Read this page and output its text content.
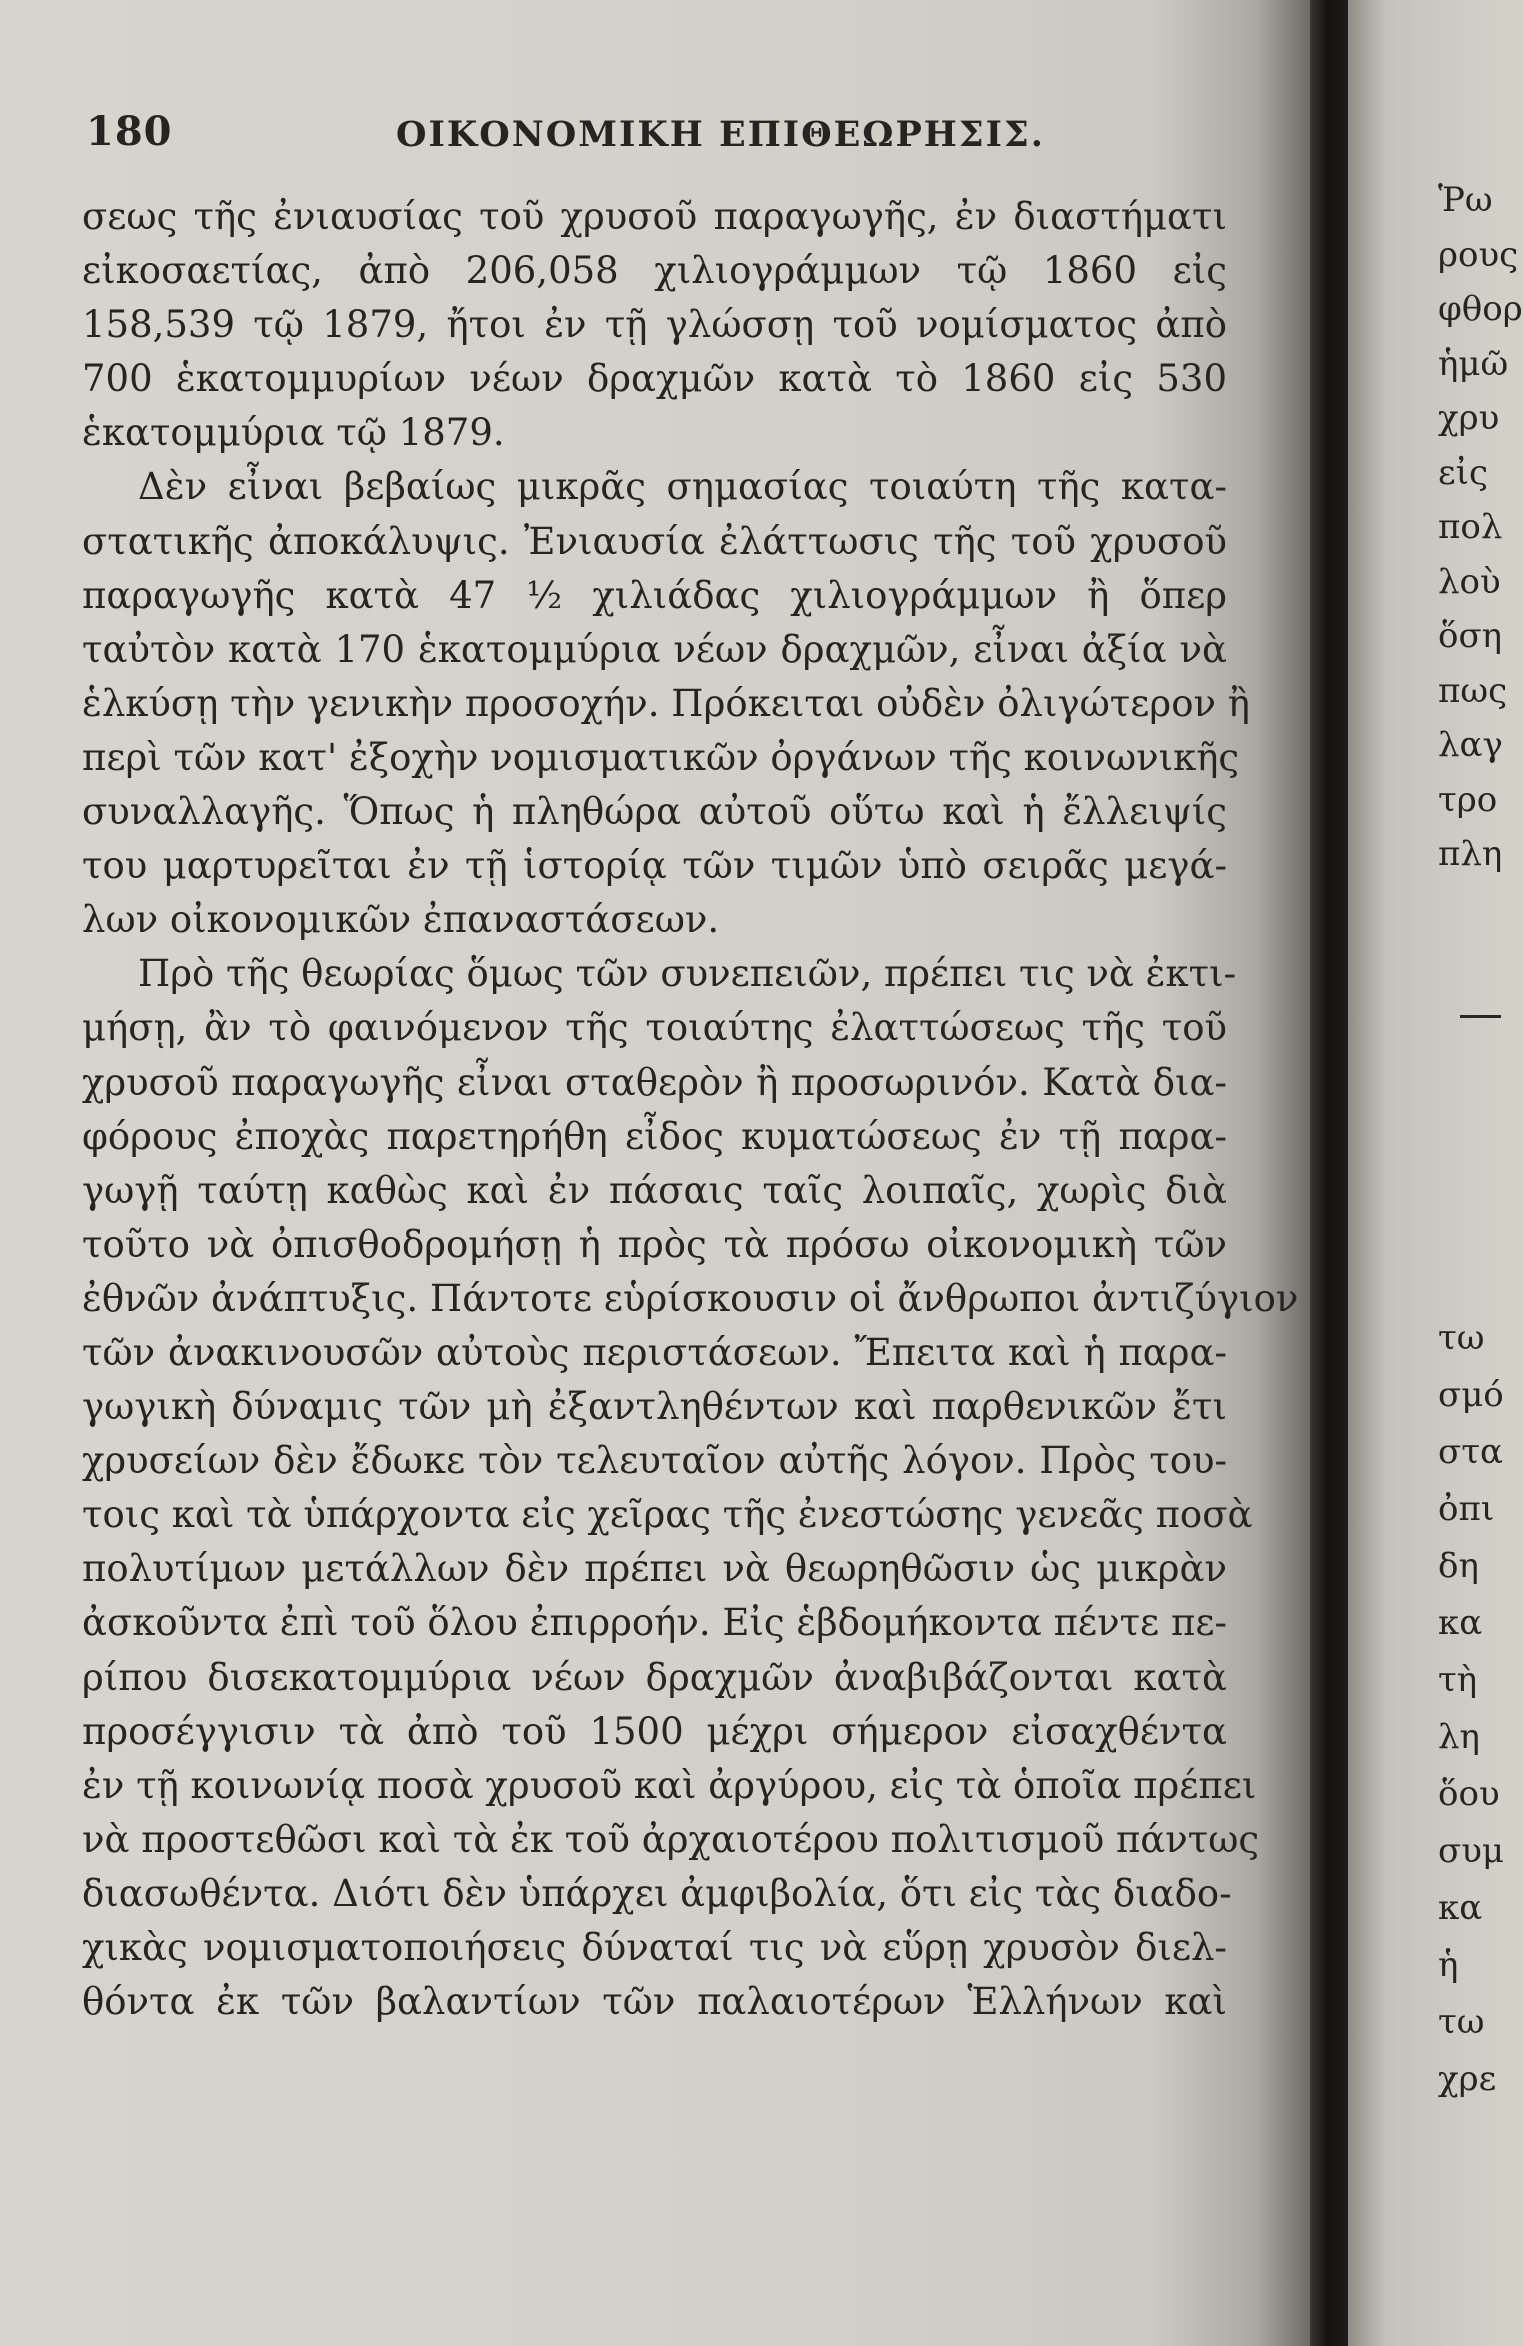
180	ΟΙΚΟΝΟΜΙΚΗ ΕΠΙΘΕΩΡΗΣΙΣ.
σεως τῆς ἐνιαυσίας τοῦ χρυσοῦ παραγωγῆς, ἐν διαστήματι
εἰκοσαετίας, ἀπὸ 206,058 χιλιογράμμων τῷ 1860 εἰς
158,539 τῷ 1879, ἤτοι ἐν τῇ γλώσσῃ τοῦ νομίσματος ἀπὸ
700 ἑκατομμυρίων νέων δραχμῶν κατὰ τὸ 1860 εἰς 530
ἑκατομμύρια τῷ 1879.
Δὲν εἶναι βεβαίως μικρᾶς σημασίας τοιαύτη τῆς κατα-
στατικῆς ἀποκάλυψις. Ἐνιαυσία ἐλάττωσις τῆς τοῦ χρυσοῦ
παραγωγῆς κατὰ 47 ½ χιλιάδας χιλιογράμμων ἢ ὅπερ
ταὐτὸν κατὰ 170 ἑκατομμύρια νέων δραχμῶν, εἶναι ἀξία νὰ
ἑλκύσῃ τὴν γενικὴν προσοχήν. Πρόκειται οὐδὲν ὀλιγώτερον ἢ
περὶ τῶν κατ' ἐξοχὴν νομισματικῶν ὀργάνων τῆς κοινωνικῆς
συναλλαγῆς. Ὅπως ἡ πληθώρα αὐτοῦ οὕτω καὶ ἡ ἔλλειψίς
του μαρτυρεῖται ἐν τῇ ἱστορίᾳ τῶν τιμῶν ὑπὸ σειρᾶς μεγά-
λων οἰκονομικῶν ἐπαναστάσεων.
Πρὸ τῆς θεωρίας ὅμως τῶν συνεπειῶν, πρέπει τις νὰ ἐκτι-
μήσῃ, ἂν τὸ φαινόμενον τῆς τοιαύτης ἐλαττώσεως τῆς τοῦ
χρυσοῦ παραγωγῆς εἶναι σταθερὸν ἢ προσωρινόν. Κατὰ δια-
φόρους ἐποχὰς παρετηρήθη εἶδος κυματώσεως ἐν τῇ παρα-
γωγῇ ταύτῃ καθὼς καὶ ἐν πάσαις ταῖς λοιπαῖς, χωρὶς διὰ
τοῦτο νὰ ὀπισθοδρομήσῃ ἡ πρὸς τὰ πρόσω οἰκονομικὴ τῶν
ἐθνῶν ἀνάπτυξις. Πάντοτε εὑρίσκουσιν οἱ ἄνθρωποι ἀντιζύγιον
τῶν ἀνακινουσῶν αὐτοὺς περιστάσεων. Ἔπειτα καὶ ἡ παρα-
γωγικὴ δύναμις τῶν μὴ ἐξαντληθέντων καὶ παρθενικῶν ἔτι
χρυσείων δὲν ἔδωκε τὸν τελευταῖον αὐτῆς λόγον. Πρὸς του-
τοις καὶ τὰ ὑπάρχοντα εἰς χεῖρας τῆς ἐνεστώσης γενεᾶς ποσὰ
πολυτίμων μετάλλων δὲν πρέπει νὰ θεωρηθῶσιν ὡς μικρὰν
ἀσκοῦντα ἐπὶ τοῦ ὅλου ἐπιρροήν. Εἰς ἑβδομήκοντα πέντε πε-
ρίπου δισεκατομμύρια νέων δραχμῶν ἀναβιβάζονται κατὰ
προσέγγισιν τὰ ἀπὸ τοῦ 1500 μέχρι σήμερον εἰσαχθέντα
ἐν τῇ κοινωνίᾳ ποσὰ χρυσοῦ καὶ ἀργύρου, εἰς τὰ ὁποῖα πρέπει
νὰ προστεθῶσι καὶ τὰ ἐκ τοῦ ἀρχαιοτέρου πολιτισμοῦ πάντως
διασωθέντα. Διότι δὲν ὑπάρχει ἀμφιβολία, ὅτι εἰς τὰς διαδο-
χικὰς νομισματοποιήσεις δύναταί τις νὰ εὕρῃ χρυσὸν διελ-
θόντα ἐκ τῶν βαλαντίων τῶν παλαιοτέρων Ἑλλήνων καὶ
Ῥω
ρους
φθορ
ἡμῶ
χρυ
εἰς
πολ
λοὺ
ὅση
πως
λαγ
τρο
πλη
τω
σμό
στα
ὀπι
δη
κα
τὴ
λη
ὅου
συμ
κα
ἡ
τω
χρε
